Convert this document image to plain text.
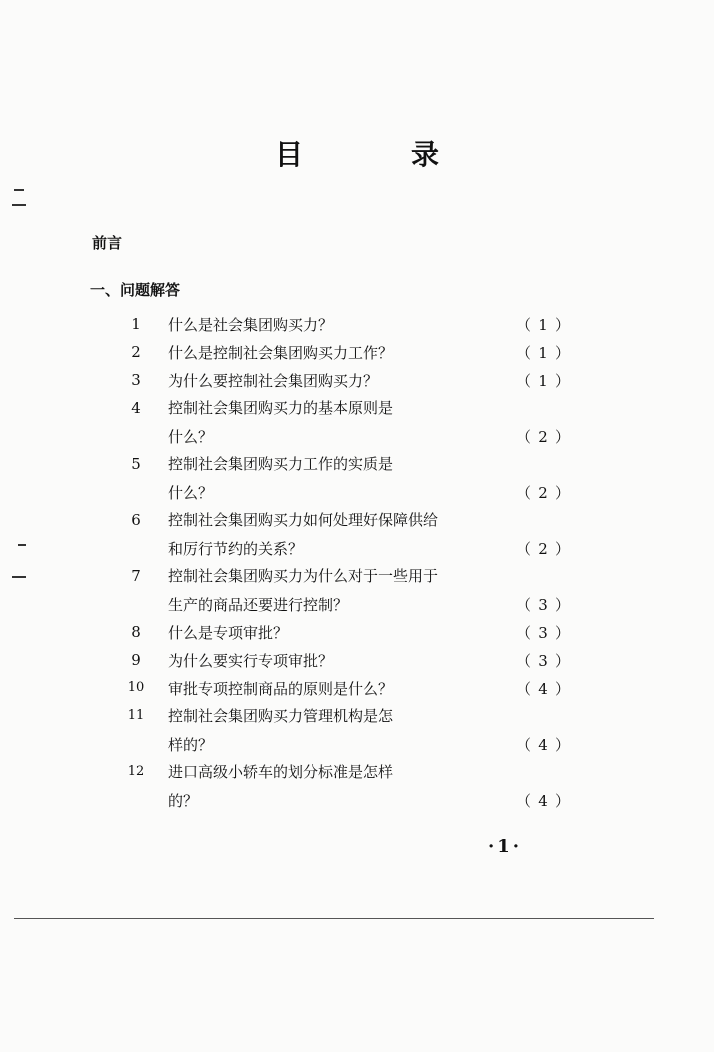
目　录
前言
一、问题解答
1	什么是社会集团购买力？	（ 1 ）
2	什么是控制社会集团购买力工作？	（ 1 ）
3	为什么要控制社会集团购买力？	（ 1 ）
4	控制社会集团购买力的基本原则是
什么？	（ 2 ）
5	控制社会集团购买力工作的实质是
什么？	（ 2 ）
6	控制社会集团购买力如何处理好保障供给
和厉行节约的关系？	（ 2 ）
7	控制社会集团购买力为什么对于一些用于
生产的商品还要进行控制？	（ 3 ）
8	什么是专项审批？	（ 3 ）
9	为什么要实行专项审批？	（ 3 ）
10	审批专项控制商品的原则是什么？	（ 4 ）
11	控制社会集团购买力管理机构是怎
样的？	（ 4 ）
12	进口高级小轿车的划分标准是怎样
的？	（ 4 ）
·1·
